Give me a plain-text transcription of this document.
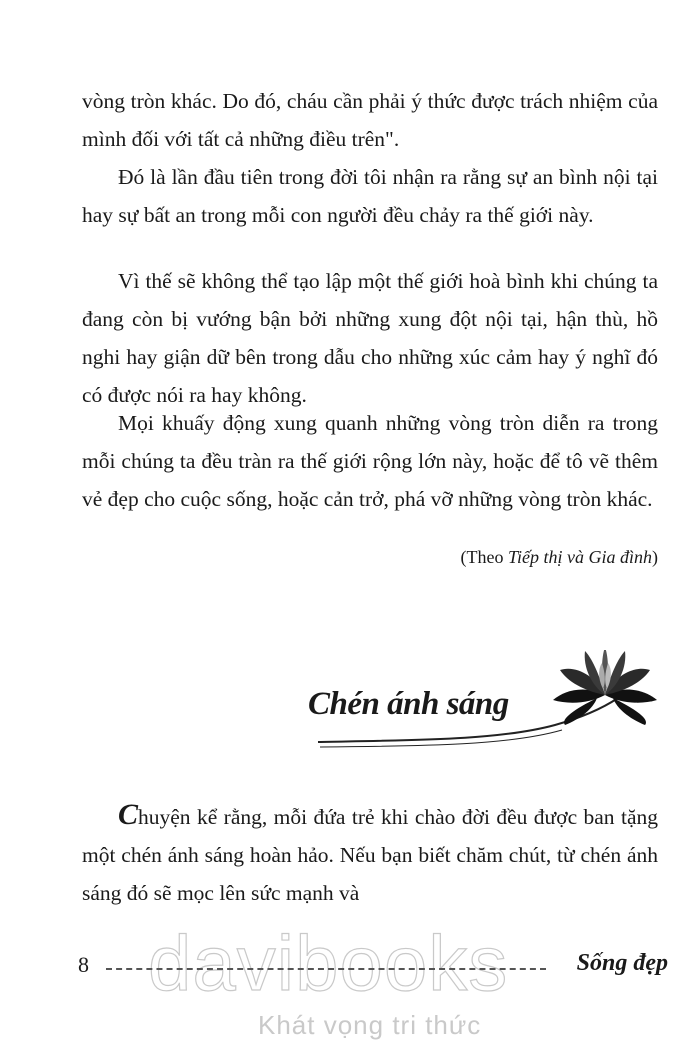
vòng tròn khác. Do đó, cháu cần phải ý thức được trách nhiệm của mình đối với tất cả những điều trên".

Đó là lần đầu tiên trong đời tôi nhận ra rằng sự an bình nội tại hay sự bất an trong mỗi con người đều chảy ra thế giới này.

Vì thế sẽ không thể tạo lập một thế giới hoà bình khi chúng ta đang còn bị vướng bận bởi những xung đột nội tại, hận thù, hồ nghi hay giận dữ bên trong dẫu cho những xúc cảm hay ý nghĩ đó có được nói ra hay không.

Mọi khuấy động xung quanh những vòng tròn diễn ra trong mỗi chúng ta đều tràn ra thế giới rộng lớn này, hoặc để tô vẽ thêm vẻ đẹp cho cuộc sống, hoặc cản trở, phá vỡ những vòng tròn khác.

(Theo Tiếp thị và Gia đình)

Chén ánh sáng

Chuyện kể rằng, mỗi đứa trẻ khi chào đời đều được ban tặng một chén ánh sáng hoàn hảo. Nếu bạn biết chăm chút, từ chén ánh sáng đó sẽ mọc lên sức mạnh và

davibooks
Khát vọng tri thức
8	Sống đẹp
